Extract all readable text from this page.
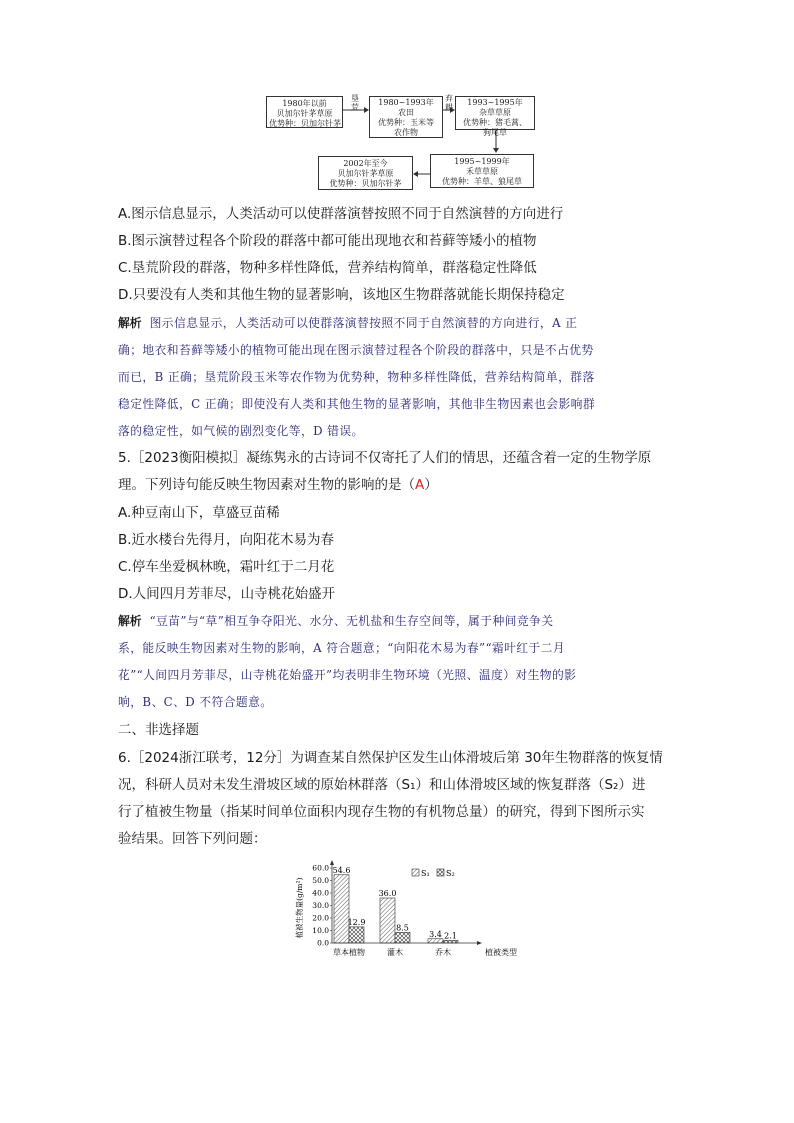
1980年以前
贝加尔针茅草原
优势种：贝加尔针茅
垦荒
1980~1993年
农田
优势种：玉米等
农作物
弃耕
1993~1995年
杂草草原
优势种：猪毛蒿、
狗尾草
1995~1999年
禾草草原
优势种：羊草、狼尾草
2002年至今
贝加尔针茅草原
优势种：贝加尔针茅
A.图示信息显示，人类活动可以使群落演替按照不同于自然演替的方向进行
B.图示演替过程各个阶段的群落中都可能出现地衣和苔藓等矮小的植物
C.垦荒阶段的群落，物种多样性降低，营养结构简单，群落稳定性降低
D.只要没有人类和其他生物的显著影响，该地区生物群落就能长期保持稳定
解析 图示信息显示，人类活动可以使群落演替按照不同于自然演替的方向进行，A 正
确；地衣和苔藓等矮小的植物可能出现在图示演替过程各个阶段的群落中，只是不占优势
而已，B 正确；垦荒阶段玉米等农作物为优势种，物种多样性降低，营养结构简单，群落
稳定性降低，C 正确；即使没有人类和其他生物的显著影响，其他非生物因素也会影响群
落的稳定性，如气候的剧烈变化等，D 错误。
5.［2023衡阳模拟］凝练隽永的古诗词不仅寄托了人们的情思，还蕴含着一定的生物学原
理。下列诗句能反映生物因素对生物的影响的是（A）
A.种豆南山下，草盛豆苗稀
B.近水楼台先得月，向阳花木易为春
C.停车坐爱枫林晚，霜叶红于二月花
D.人间四月芳菲尽，山寺桃花始盛开
解析 “豆苗”与“草”相互争夺阳光、水分、无机盐和生存空间等，属于种间竞争关
系，能反映生物因素对生物的影响，A 符合题意；“向阳花木易为春”“霜叶红于二月
花”“人间四月芳菲尽，山寺桃花始盛开”均表明非生物环境（光照、温度）对生物的影
响，B、C、D 不符合题意。
二、非选择题
6.［2024浙江联考，12分］为调查某自然保护区发生山体滑坡后第 30年生物群落的恢复情
况，科研人员对未发生滑坡区域的原始林群落（S₁）和山体滑坡区域的恢复群落（S₂）进
行了植被生物量（指某时间单位面积内现存生物的有机物总量）的研究，得到下图所示实
验结果。回答下列问题：
植被生物量(g/m²)
0.0
10.0
20.0
30.0
40.0
50.0
60.0 54.6
12.9
草本植物
36.0
8.5
灌木
3.4 2.1
乔木	植被类型
S₁ S₂
